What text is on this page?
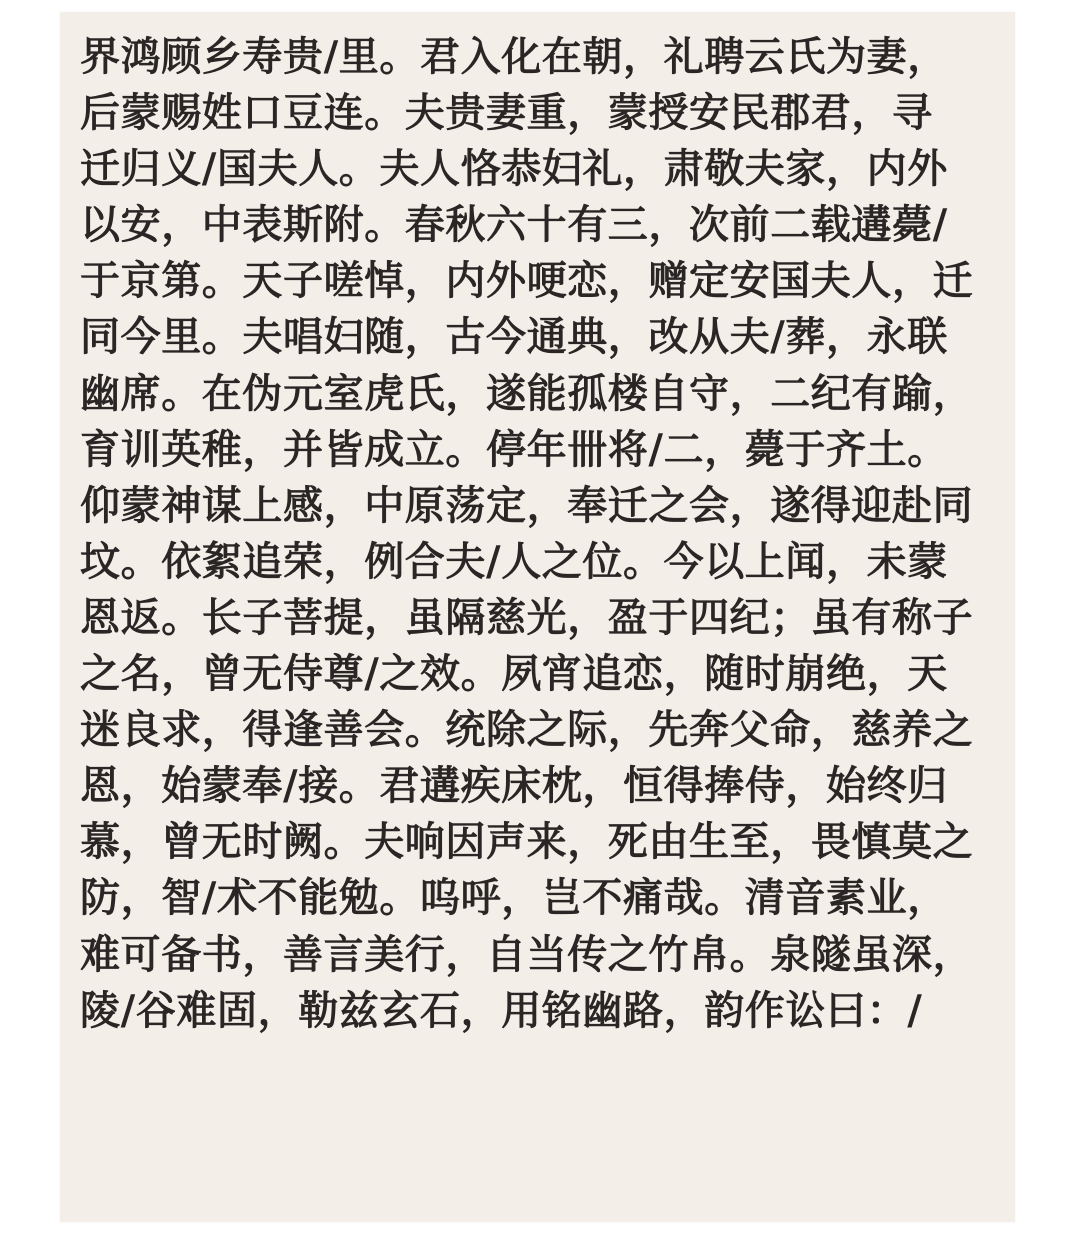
界鸿顾乡寿贵/里。君入化在朝，礼聘云氏为妻，
后蒙赐姓口豆连。夫贵妻重，蒙授安民郡君，寻
迁归义/国夫人。夫人恪恭妇礼，肃敬夫家，内外
以安，中表斯附。春秋六十有三，次前二载遘薨/
于京第。天子嗟悼，内外哽恋，赠定安国夫人，迁
同今里。夫唱妇随，古今通典，改从夫/葬，永联
幽席。在伪元室虎氏，遂能孤楼自守，二纪有踰，
育训英稚，并皆成立。停年卌将/二，薨于齐土。
仰蒙神谋上感，中原荡定，奉迁之会，遂得迎赴同
坟。依絮追荣，例合夫/人之位。今以上闻，未蒙
恩返。长子菩提，虽隔慈光，盈于四纪；虽有称子
之名，曾无侍尊/之效。夙宵追恋，随时崩绝，天
迷良求，得逢善会。统除之际，先奔父命，慈养之
恩，始蒙奉/接。君遘疾床枕，恒得捧侍，始终归
慕，曾无时阙。夫响因声来，死由生至，畏慎莫之
防，智/术不能勉。呜呼，岂不痛哉。清音素业，
难可备书，善言美行，自当传之竹帛。泉隧虽深，
陵/谷难固，勒兹玄石，用铭幽路，韵作讼曰：/
